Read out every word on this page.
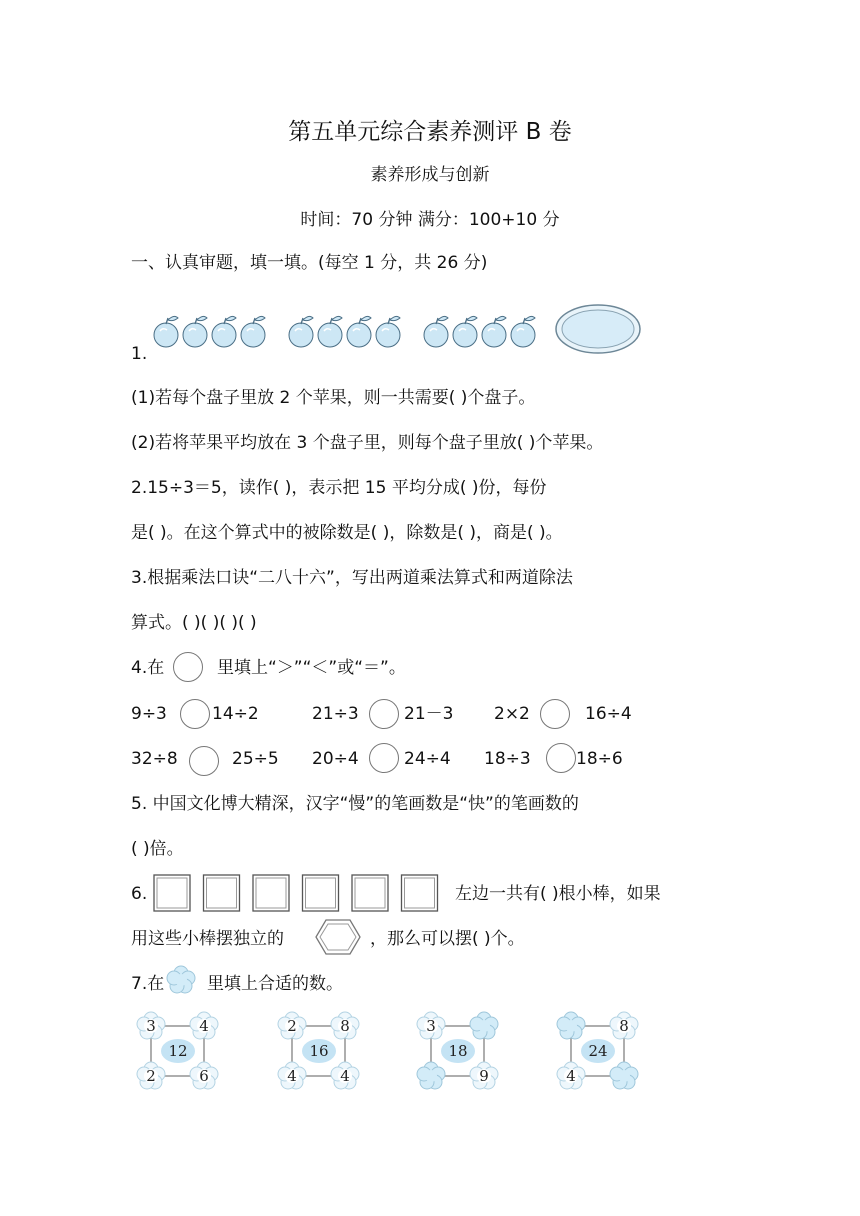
第五单元综合素养测评 B 卷
素养形成与创新
时间：70 分钟 满分：100+10 分
一、认真审题，填一填。(每空 1 分，共 26 分)
1.
(1)若每个盘子里放 2 个苹果，则一共需要( )个盘子。
(2)若将苹果平均放在 3 个盘子里，则每个盘子里放( )个苹果。
2.15÷3＝5，读作( )，表示把 15 平均分成( )份，每份
是( )。在这个算式中的被除数是( )，除数是( )，商是( )。
3.根据乘法口诀“二八十六”，写出两道乘法算式和两道除法
算式。( )( )( )( )
4.在	里填上“＞”“＜”或“＝”。
9÷3	14÷2	21÷3	21－3 2×2	16÷4
32÷8	25÷5 20÷4	24÷4 18÷3	18÷6
5. 中国文化博大精深，汉字“慢”的笔画数是“快”的笔画数的
( )倍。
6.	左边一共有( )根小棒，如果
用这些小棒摆独立的	，那么可以摆( )个。
7.在	里填上合适的数。
3	4
2	6
12
2	8
4	4
16
3
9
18
8
4
24
